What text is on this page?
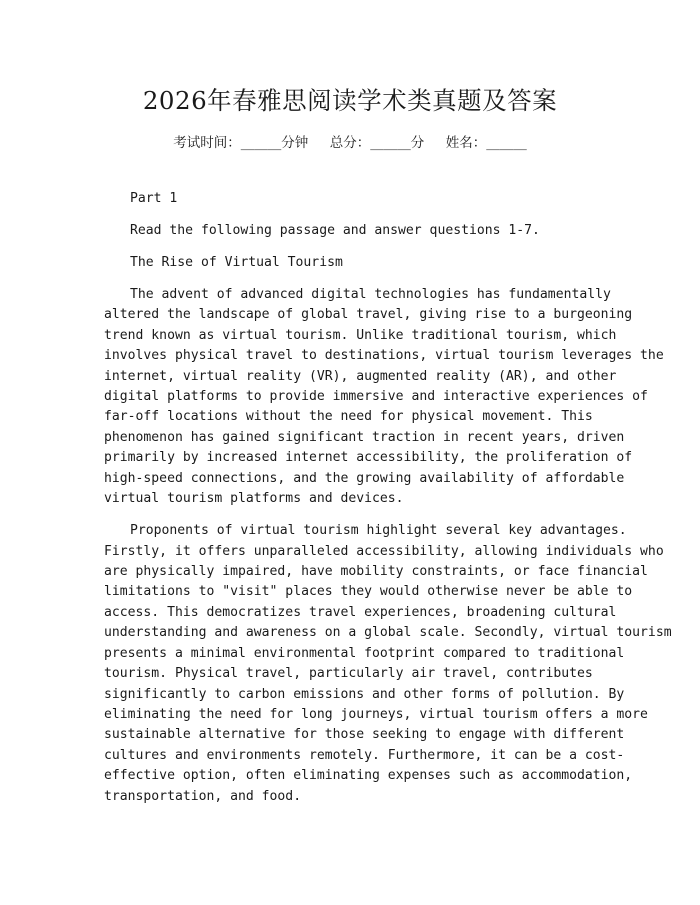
2026年春雅思阅读学术类真题及答案
考试时间：______分钟     总分：______分     姓名：______
Part 1
Read the following passage and answer questions 1-7.
The Rise of Virtual Tourism
The advent of advanced digital technologies has fundamentally
altered the landscape of global travel, giving rise to a burgeoning
trend known as virtual tourism. Unlike traditional tourism, which
involves physical travel to destinations, virtual tourism leverages the
internet, virtual reality (VR), augmented reality (AR), and other
digital platforms to provide immersive and interactive experiences of
far-off locations without the need for physical movement. This
phenomenon has gained significant traction in recent years, driven
primarily by increased internet accessibility, the proliferation of
high-speed connections, and the growing availability of affordable
virtual tourism platforms and devices.
Proponents of virtual tourism highlight several key advantages.
Firstly, it offers unparalleled accessibility, allowing individuals who
are physically impaired, have mobility constraints, or face financial
limitations to "visit" places they would otherwise never be able to
access. This democratizes travel experiences, broadening cultural
understanding and awareness on a global scale. Secondly, virtual tourism
presents a minimal environmental footprint compared to traditional
tourism. Physical travel, particularly air travel, contributes
significantly to carbon emissions and other forms of pollution. By
eliminating the need for long journeys, virtual tourism offers a more
sustainable alternative for those seeking to engage with different
cultures and environments remotely. Furthermore, it can be a cost-
effective option, often eliminating expenses such as accommodation,
transportation, and food.
